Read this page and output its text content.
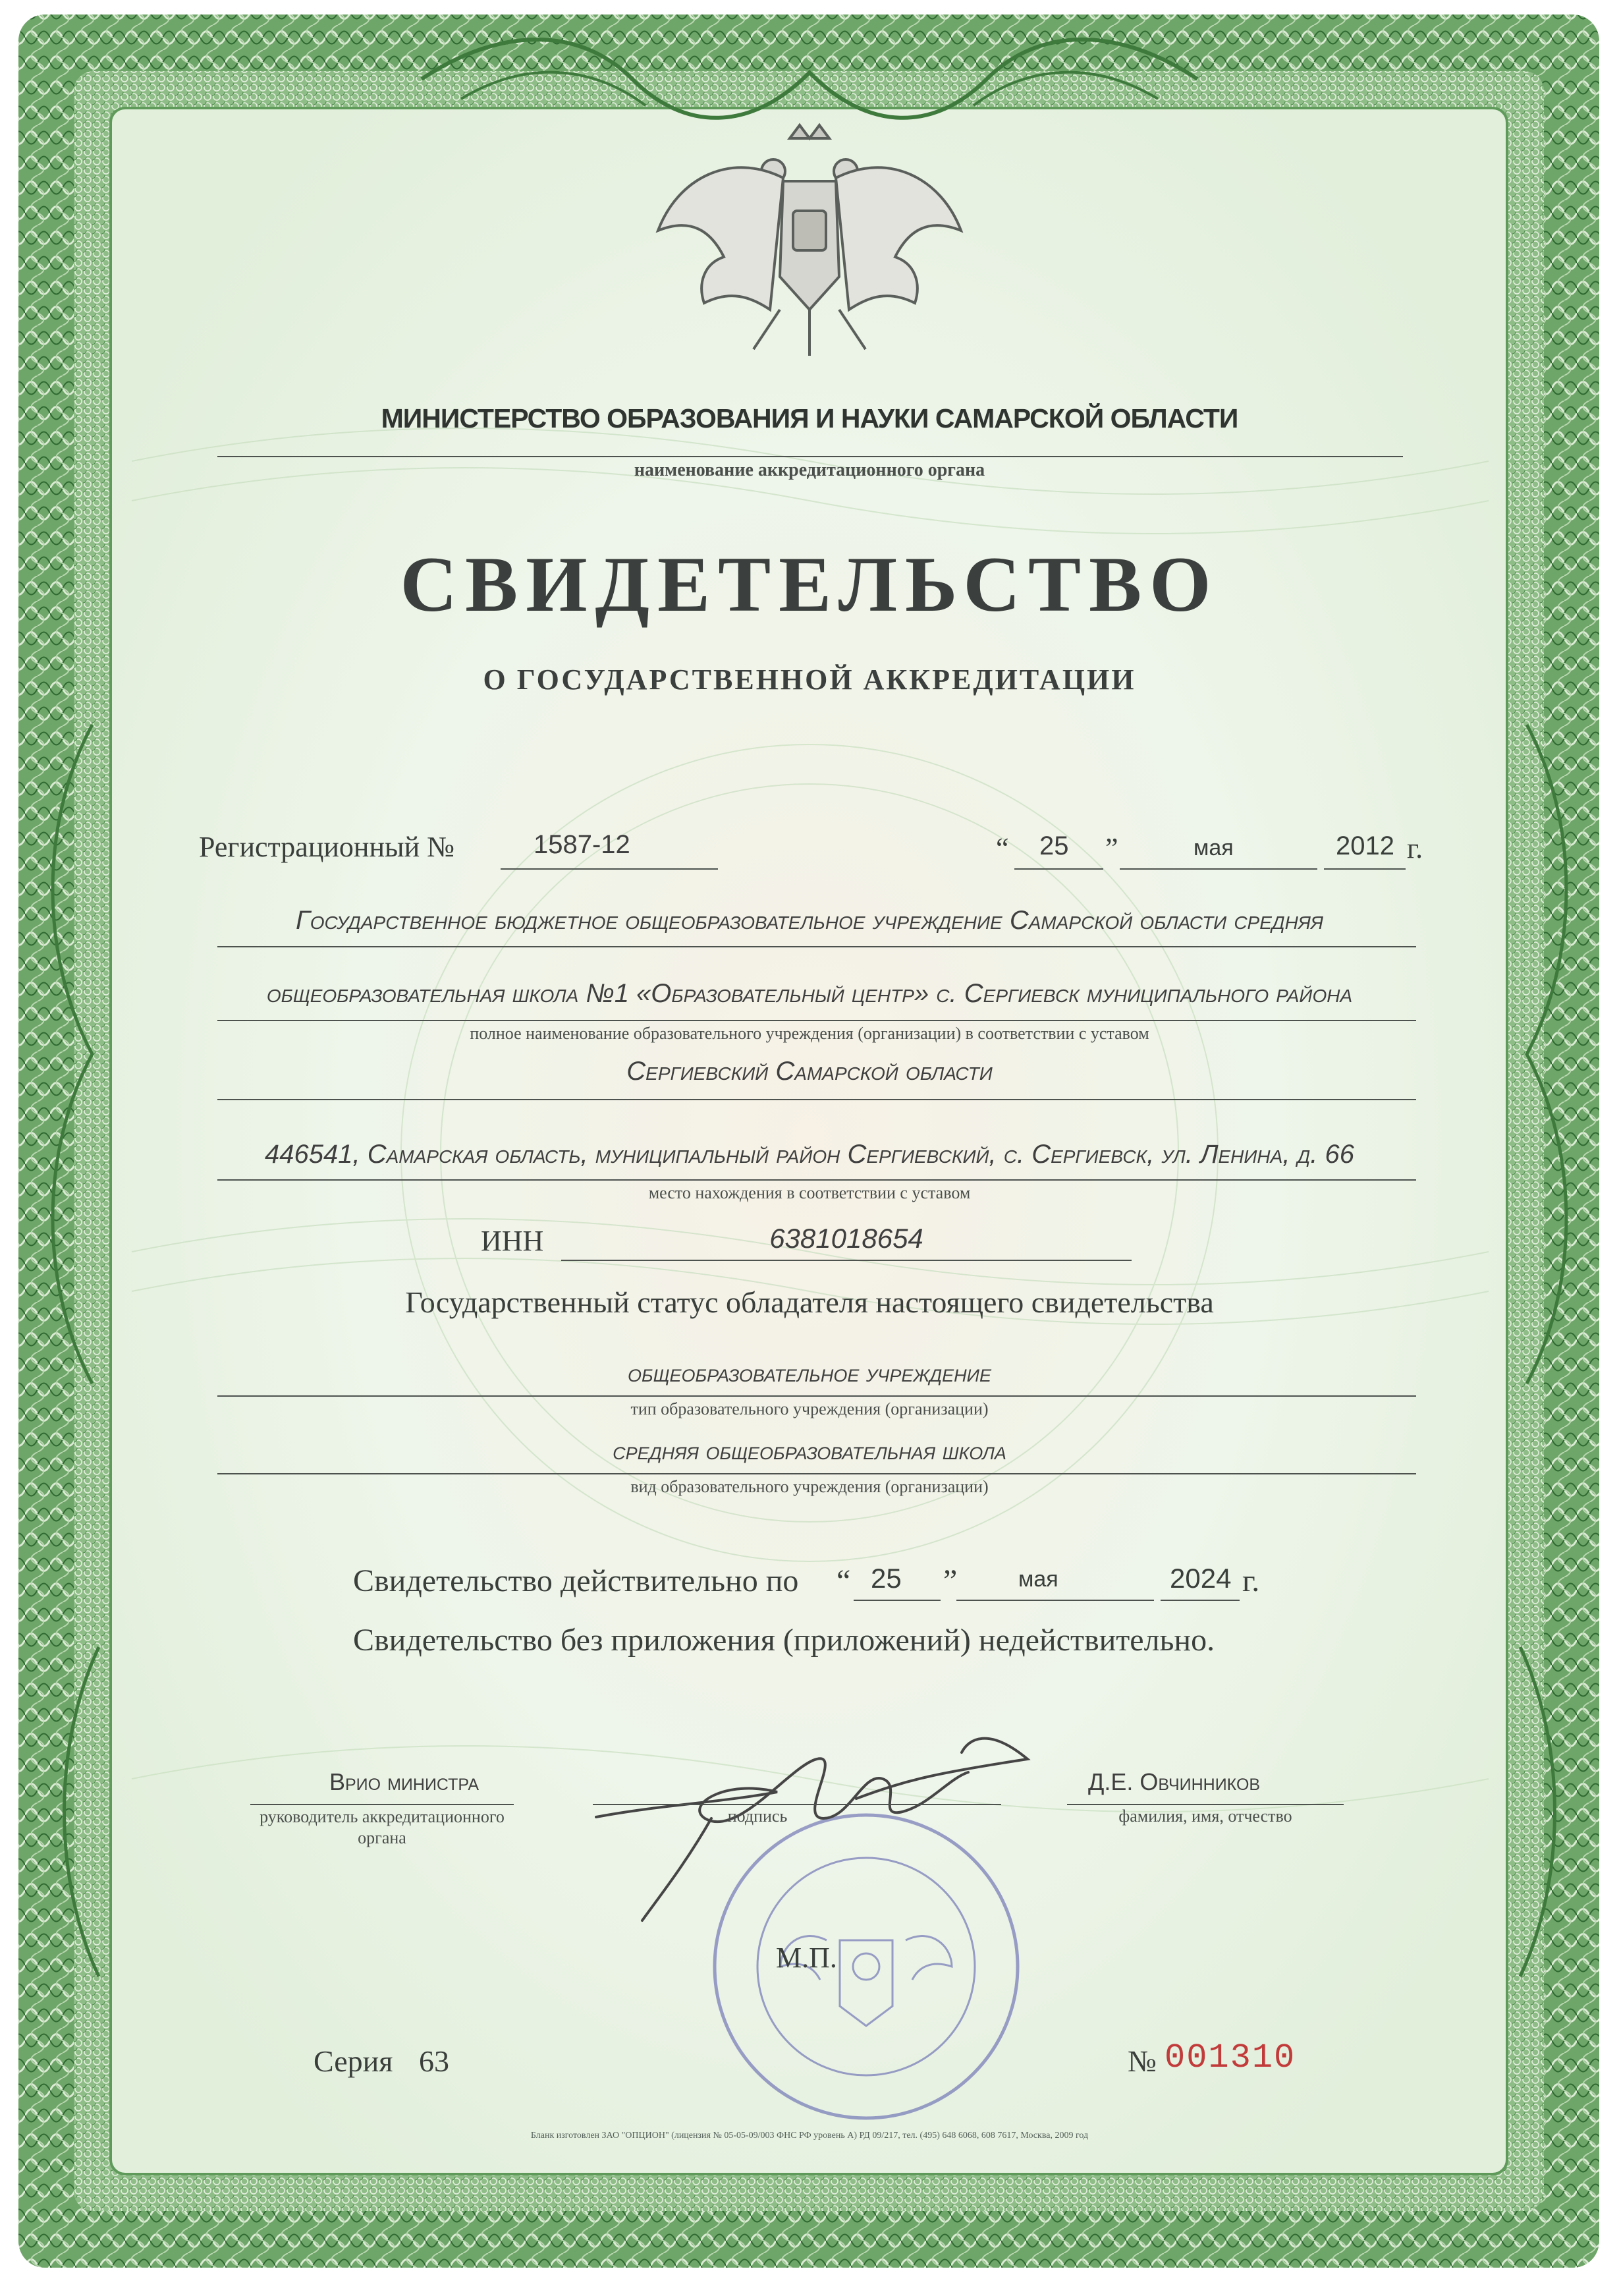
МИНИСТЕРСТВО ОБРАЗОВАНИЯ И НАУКИ САМАРСКОЙ ОБЛАСТИ
наименование аккредитационного органа
СВИДЕТЕЛЬСТВО
О ГОСУДАРСТВЕННОЙ АККРЕДИТАЦИИ
Регистрационный №	1587-12	“ 25 ”	мая	2012 г.
Государственное бюджетное общеобразовательное учреждение Самарской области средняя
общеобразовательная школа №1 «Образовательный центр» с. Сергиевск муниципального района
полное наименование образовательного учреждения (организации) в соответствии с уставом
Сергиевский Самарской области
446541, Самарская область, муниципальный район Сергиевский, с. Сергиевск, ул. Ленина, д. 66
место нахождения в соответствии с уставом
ИНН	6381018654
Государственный статус обладателя настоящего свидетельства
общеобразовательное учреждение
тип образовательного учреждения (организации)
средняя общеобразовательная школа
вид образовательного учреждения (организации)
Свидетельство действительно по “ 25 ”	мая	2024 г.
Свидетельство без приложения (приложений) недействительно.
Врио министра
руководитель аккредитационного органа
подпись
Д.Е. Овчинников
фамилия, имя, отчество
М.П.
Серия 63	№ 001310
Бланк изготовлен ЗАО "ОПЦИОН" (лицензия № 05-05-09/003 ФНС РФ уровень А) РД 09/217, тел. (495) 648 6068, 608 7617, Москва, 2009 год
